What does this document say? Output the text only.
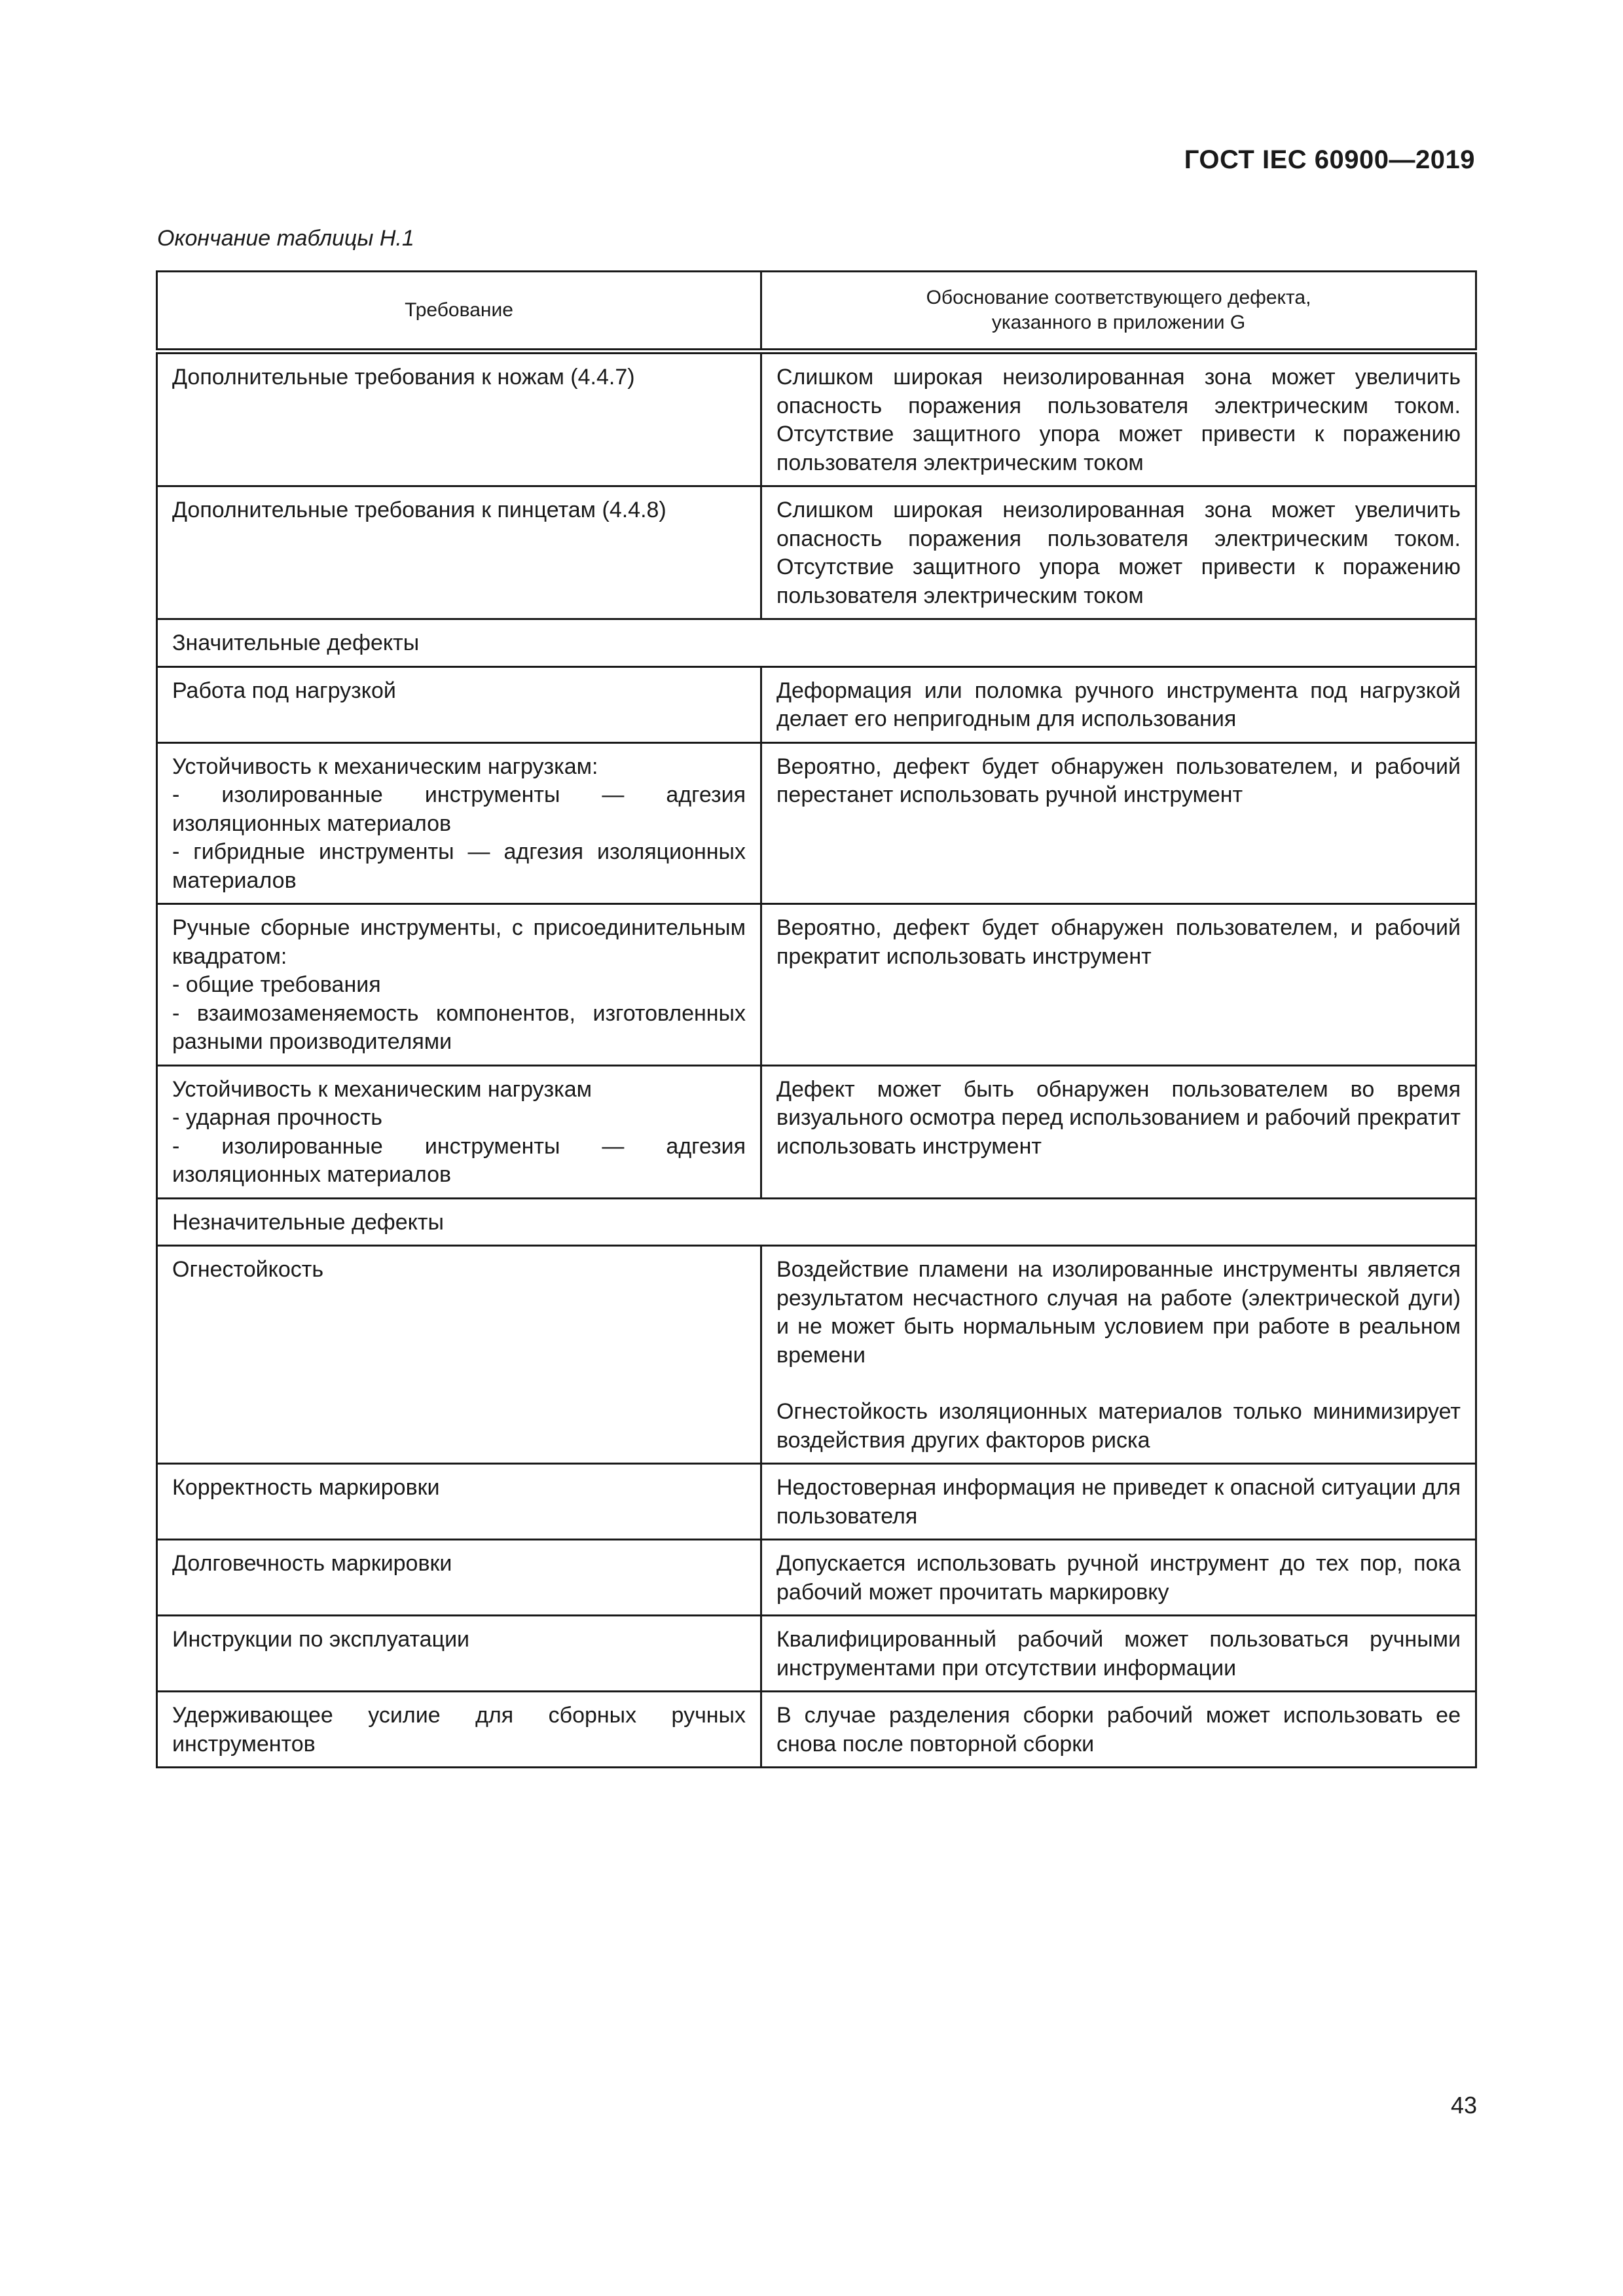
ГОСТ IEC 60900—2019
Окончание таблицы Н.1
Требование	Обоснование соответствующего дефекта,
указанного в приложении G

Дополнительные требования к ножам (4.4.7)	Слишком широкая неизолированная зона может увеличить опасность поражения пользователя электрическим током. Отсутствие защитного упора может привести к поражению пользователя электрическим током

Дополнительные требования к пинцетам (4.4.8)	Слишком широкая неизолированная зона может увеличить опасность поражения пользователя электрическим током. Отсутствие защитного упора может привести к поражению пользователя электрическим током

Значительные дефекты	

Работа под нагрузкой	Деформация или поломка ручного инструмента под нагрузкой делает его непригодным для использования

Устойчивость к механическим нагрузкам:
- изолированные инструменты — адгезия изоляционных материалов
- гибридные инструменты — адгезия изоляционных материалов	Вероятно, дефект будет обнаружен пользователем, и рабочий перестанет использовать ручной инструмент

Ручные сборные инструменты, с присоединительным квадратом:
- общие требования
- взаимозаменяемость компонентов, изготовленных разными производителями	Вероятно, дефект будет обнаружен пользователем, и рабочий прекратит использовать инструмент

Устойчивость к механическим нагрузкам
- ударная прочность
- изолированные инструменты — адгезия изоляционных материалов	Дефект может быть обнаружен пользователем во время визуального осмотра перед использованием и рабочий прекратит использовать инструмент

Незначительные дефекты	

Огнестойкость	Воздействие пламени на изолированные инструменты является результатом несчастного случая на работе (электрической дуги) и не может быть нормальным условием при работе в реальном времени

Огнестойкость изоляционных материалов только минимизирует воздействия других факторов риска

Корректность маркировки	Недостоверная информация не приведет к опасной ситуации для пользователя

Долговечность маркировки	Допускается использовать ручной инструмент до тех пор, пока рабочий может прочитать маркировку

Инструкции по эксплуатации	Квалифицированный рабочий может пользоваться ручными инструментами при отсутствии информации

Удерживающее усилие для сборных ручных инструментов	В случае разделения сборки рабочий может использовать ее снова после повторной сборки

43
